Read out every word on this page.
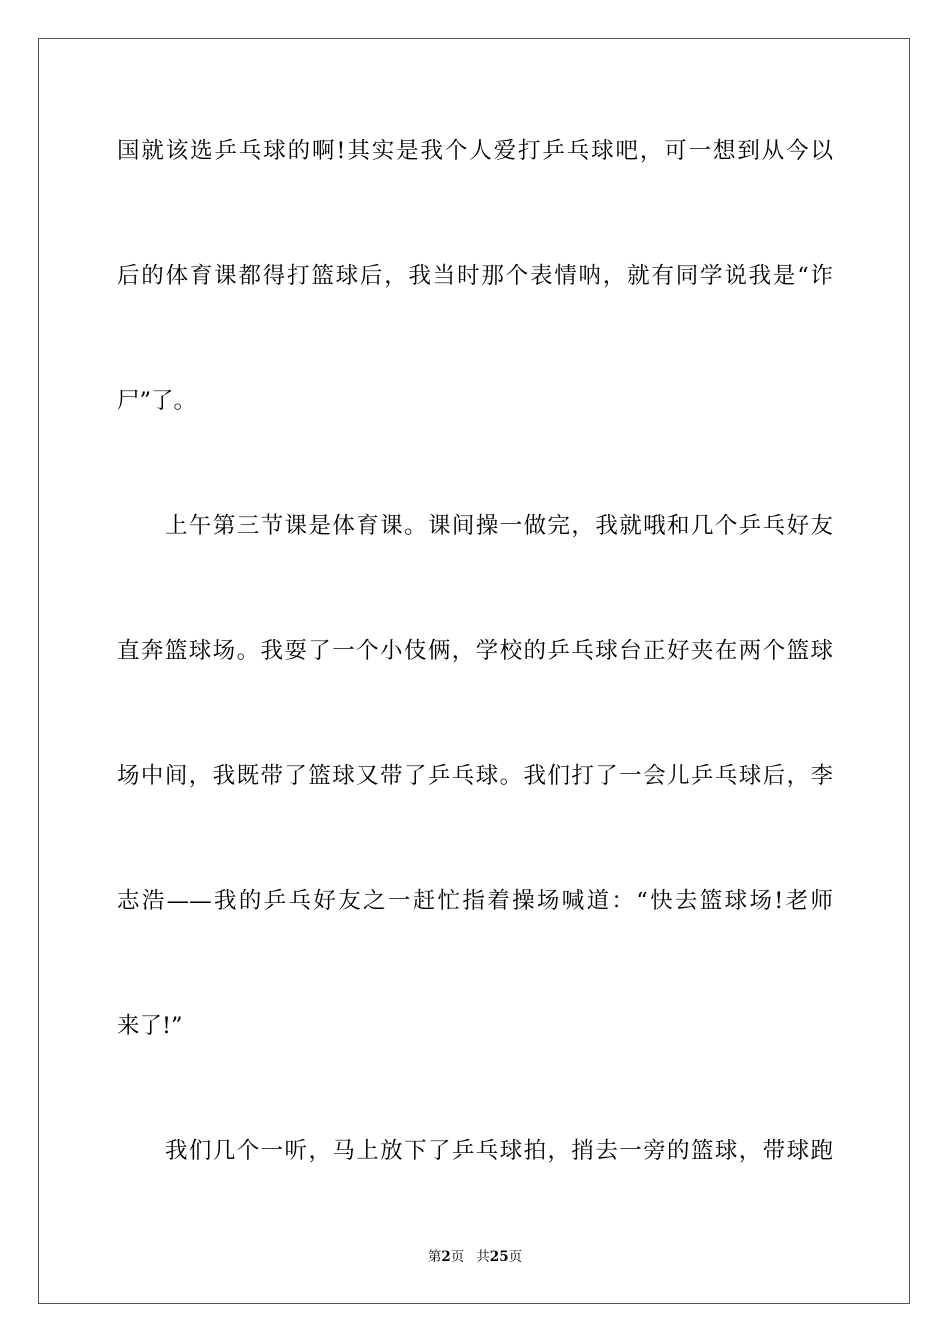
国就该选乒乓球的啊!其实是我个人爱打乒乓球吧，可一想到从今以
后的体育课都得打篮球后，我当时那个表情呐，就有同学说我是“诈
尸”了。
上午第三节课是体育课。课间操一做完，我就哦和几个乒乓好友
直奔篮球场。我耍了一个小伎俩，学校的乒乓球台正好夹在两个篮球
场中间，我既带了篮球又带了乒乓球。我们打了一会儿乒乓球后，李
志浩——我的乒乓好友之一赶忙指着操场喊道：“快去篮球场!老师
来了!”
我们几个一听，马上放下了乒乓球拍，捎去一旁的篮球，带球跑
第2页 共25页
